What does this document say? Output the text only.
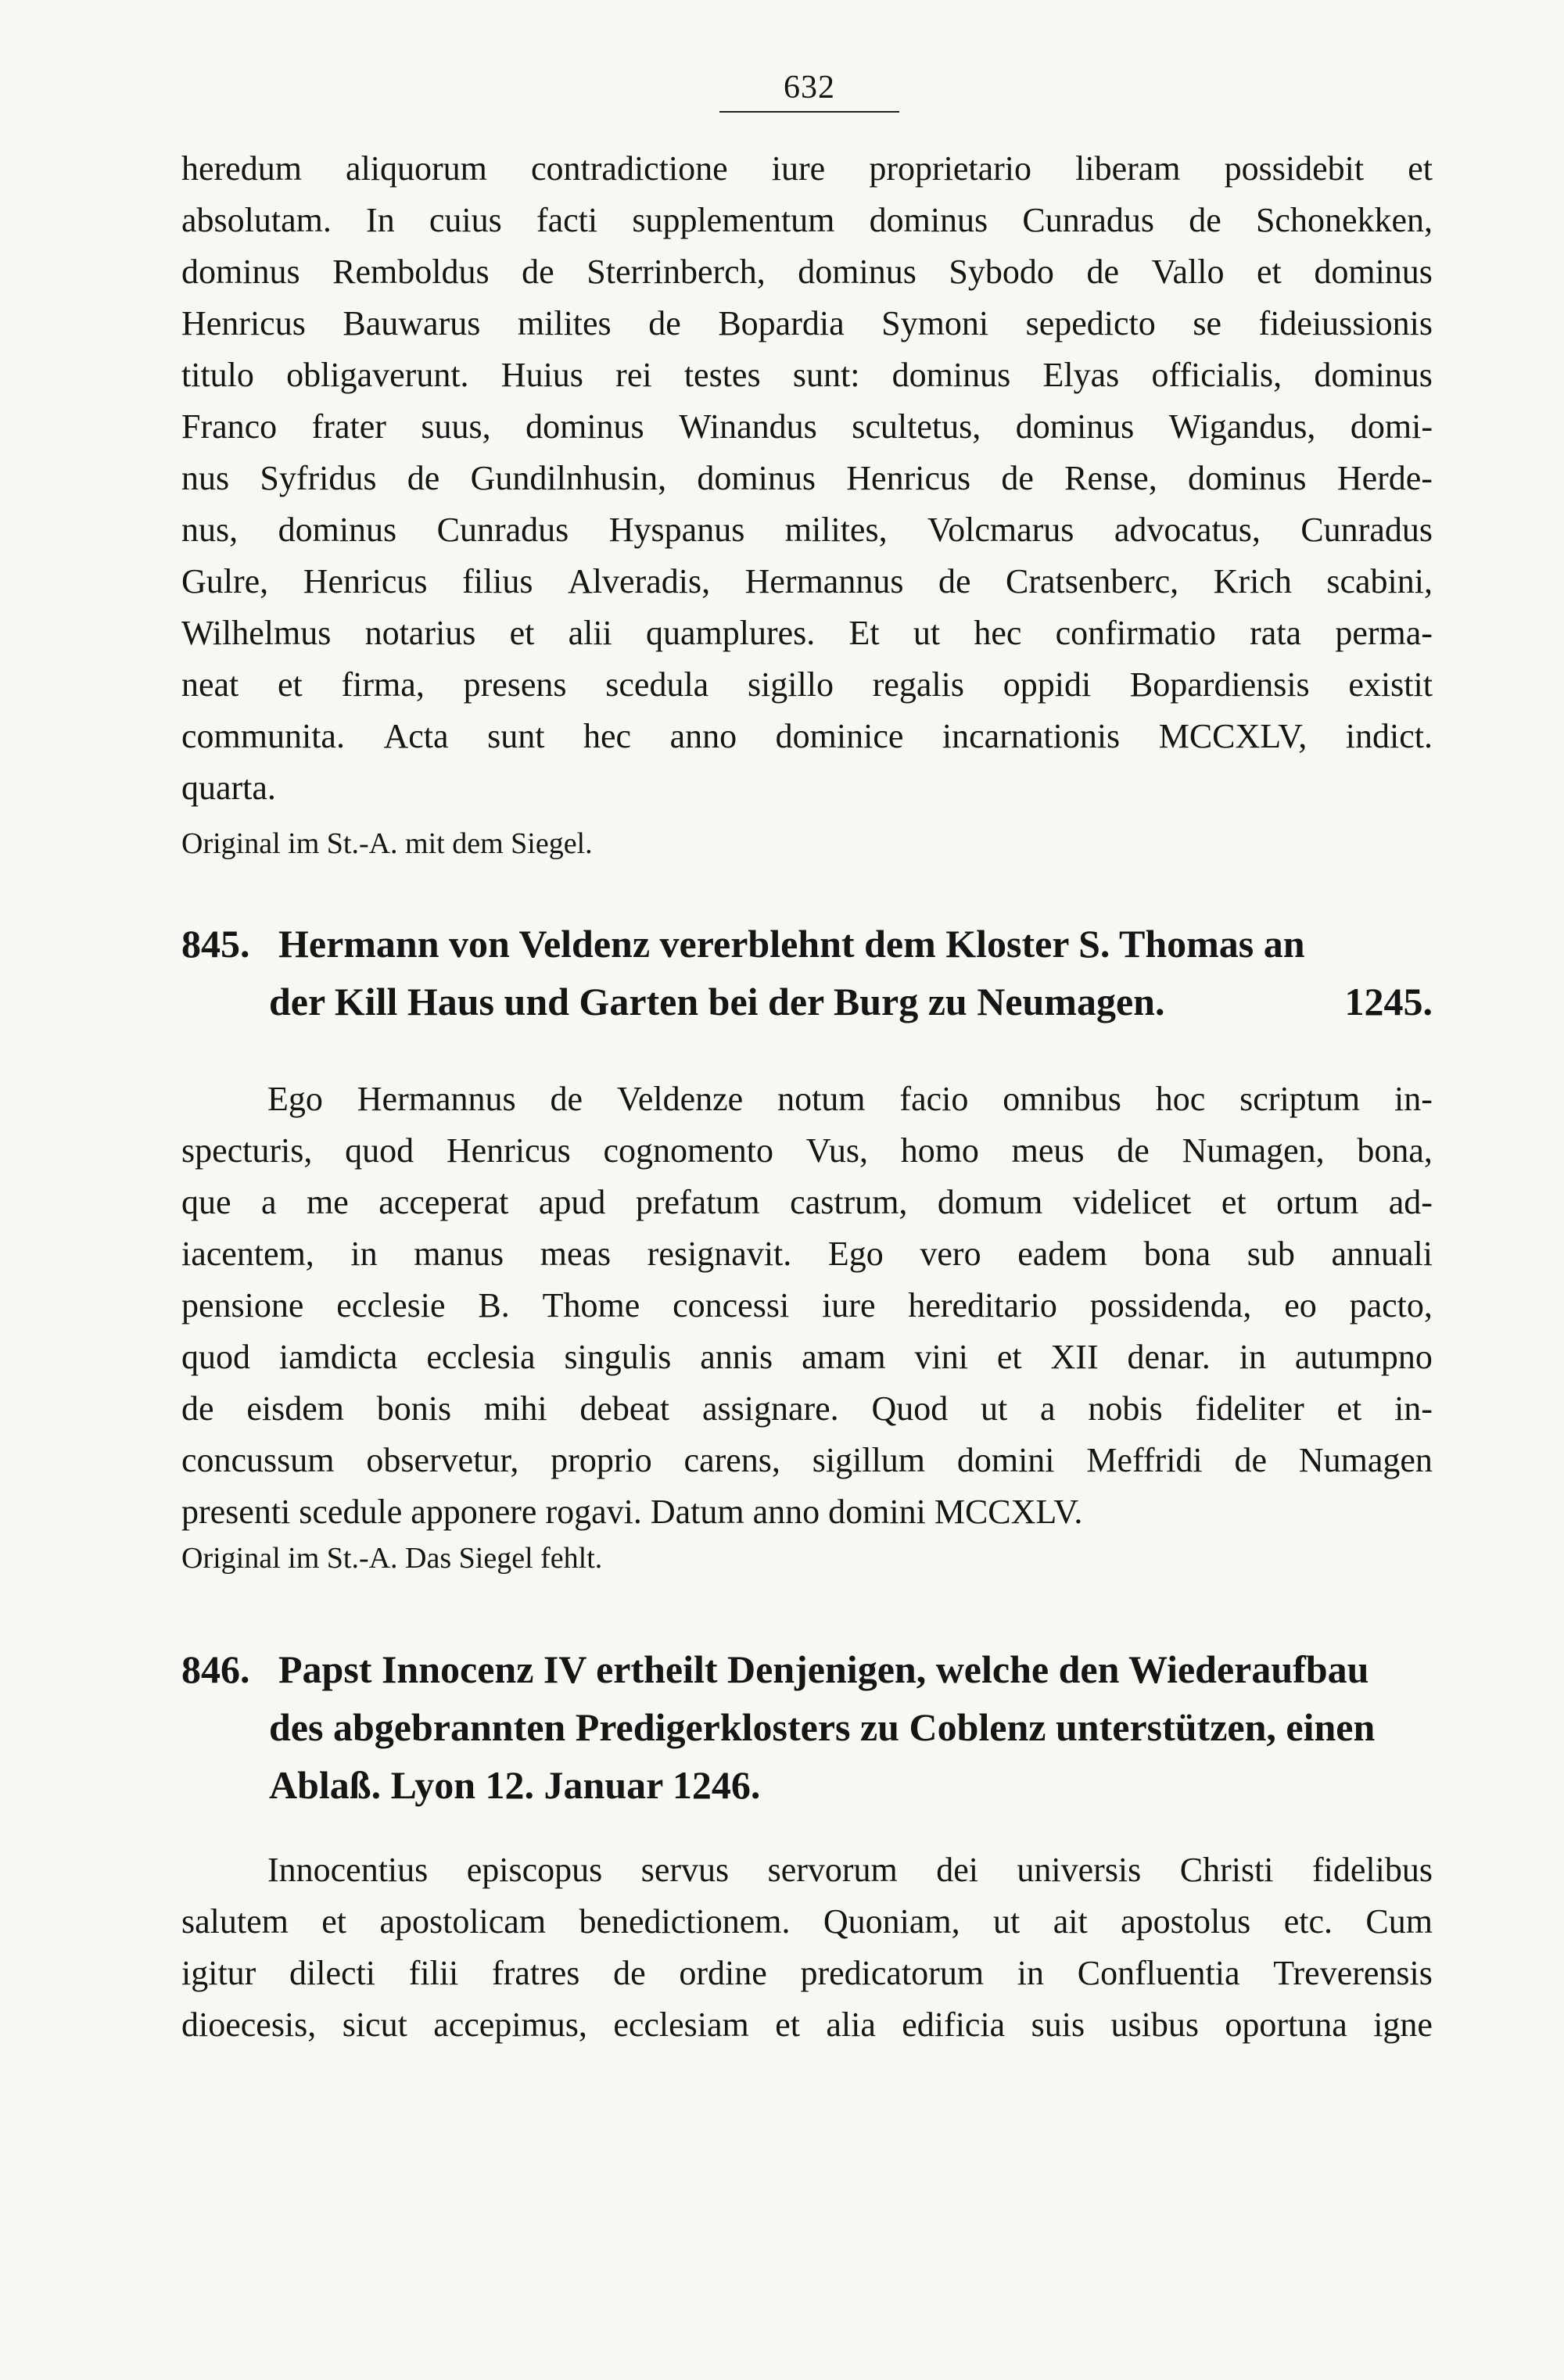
632
heredum aliquorum contradictione iure proprietario liberam possidebit et
absolutam. In cuius facti supplementum dominus Cunradus de Schonekken,
dominus Remboldus de Sterrinberch, dominus Sybodo de Vallo et dominus
Henricus Bauwarus milites de Bopardia Symoni sepedicto se fideiussionis
titulo obligaverunt. Huius rei testes sunt: dominus Elyas officialis, dominus
Franco frater suus, dominus Winandus scultetus, dominus Wigandus, domi-
nus Syfridus de Gundilnhusin, dominus Henricus de Rense, dominus Herde-
nus, dominus Cunradus Hyspanus milites, Volcmarus advocatus, Cunradus
Gulre, Henricus filius Alveradis, Hermannus de Cratsenberc, Krich scabini,
Wilhelmus notarius et alii quamplures. Et ut hec confirmatio rata perma-
neat et firma, presens scedula sigillo regalis oppidi Bopardiensis existit
communita. Acta sunt hec anno dominice incarnationis MCCXLV, indict.
quarta.
Original im St.-A. mit dem Siegel.
845. Hermann von Veldenz vererblehnt dem Kloster S. Thomas an
der Kill Haus und Garten bei der Burg zu Neumagen.	1245.
Ego Hermannus de Veldenze notum facio omnibus hoc scriptum in-
specturis, quod Henricus cognomento Vus, homo meus de Numagen, bona,
que a me acceperat apud prefatum castrum, domum videlicet et ortum ad-
iacentem, in manus meas resignavit. Ego vero eadem bona sub annuali
pensione ecclesie B. Thome concessi iure hereditario possidenda, eo pacto,
quod iamdicta ecclesia singulis annis amam vini et XII denar. in autumpno
de eisdem bonis mihi debeat assignare. Quod ut a nobis fideliter et in-
concussum observetur, proprio carens, sigillum domini Meffridi de Numagen
presenti scedule apponere rogavi. Datum anno domini MCCXLV.
Original im St.-A. Das Siegel fehlt.
846. Papst Innocenz IV ertheilt Denjenigen, welche den Wiederaufbau
des abgebrannten Predigerklosters zu Coblenz unterstützen, einen
Ablaß. Lyon 12. Januar 1246.
Innocentius episcopus servus servorum dei universis Christi fidelibus
salutem et apostolicam benedictionem. Quoniam, ut ait apostolus etc. Cum
igitur dilecti filii fratres de ordine predicatorum in Confluentia Treverensis
dioecesis, sicut accepimus, ecclesiam et alia edificia suis usibus oportuna igne
